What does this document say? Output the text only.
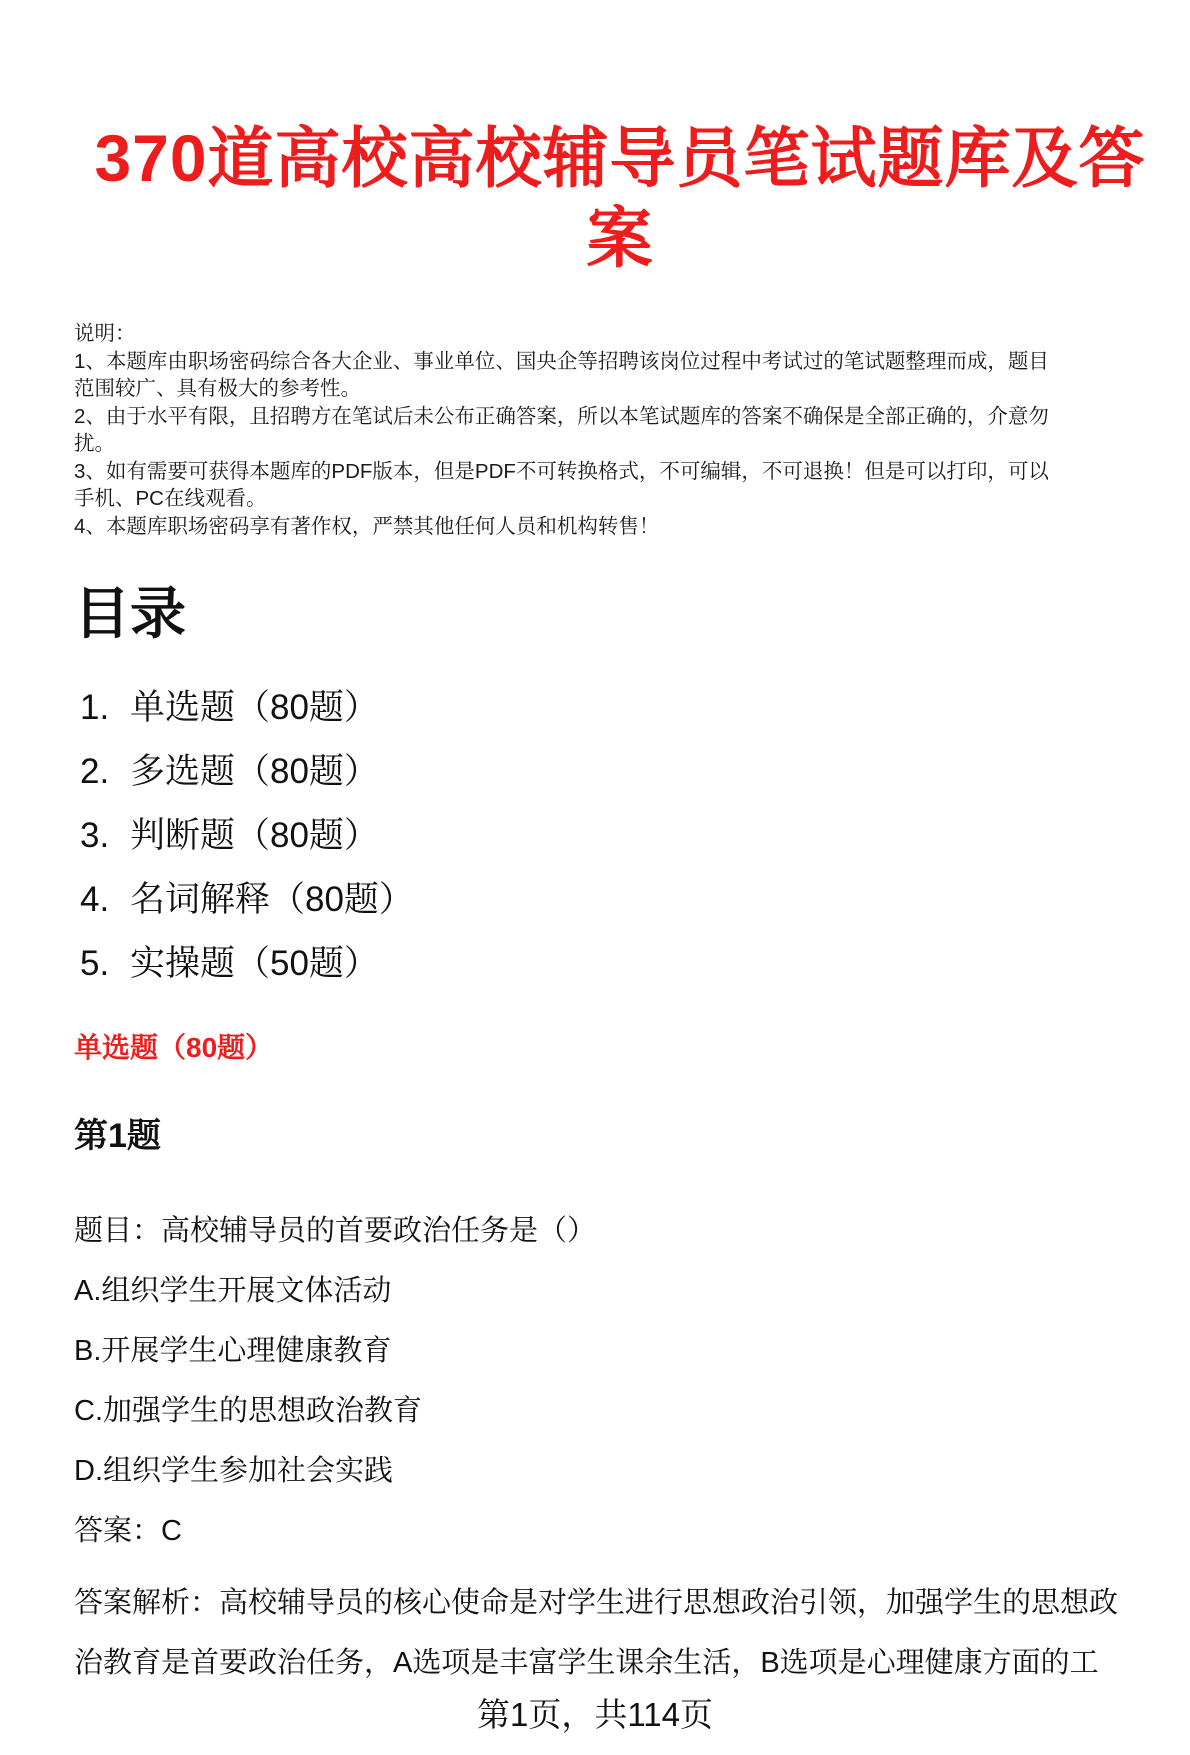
370道高校高校辅导员笔试题库及答案
说明：
1、本题库由职场密码综合各大企业、事业单位、国央企等招聘该岗位过程中考试过的笔试题整理而成，题目
范围较广、具有极大的参考性。
2、由于水平有限，且招聘方在笔试后未公布正确答案，所以本笔试题库的答案不确保是全部正确的，介意勿
扰。
3、如有需要可获得本题库的PDF版本，但是PDF不可转换格式，不可编辑，不可退换！但是可以打印，可以
手机、PC在线观看。
4、本题库职场密码享有著作权，严禁其他任何人员和机构转售！
目录
1. 单选题（80题）
2. 多选题（80题）
3. 判断题（80题）
4. 名词解释（80题）
5. 实操题（50题）
单选题（80题）
第1题
题目：高校辅导员的首要政治任务是（）
A.组织学生开展文体活动
B.开展学生心理健康教育
C.加强学生的思想政治教育
D.组织学生参加社会实践
答案：C
答案解析：高校辅导员的核心使命是对学生进行思想政治引领，加强学生的思想政
治教育是首要政治任务，A选项是丰富学生课余生活，B选项是心理健康方面的工
第1页，共114页
